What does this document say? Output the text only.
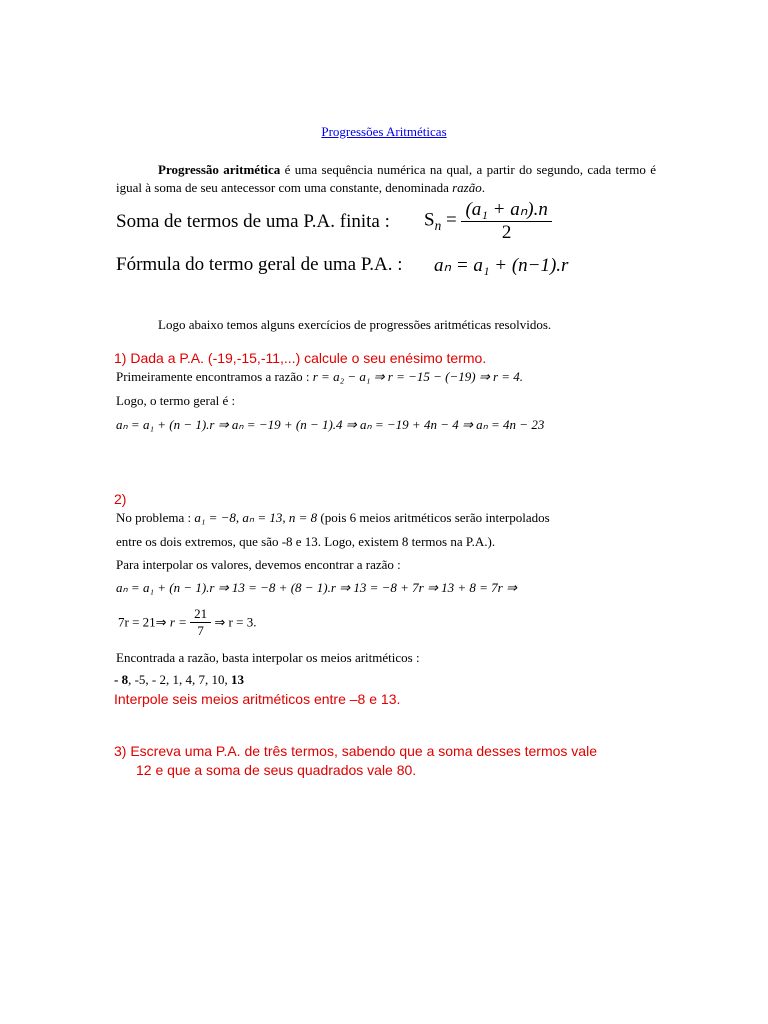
Progressões Aritméticas
Progressão aritmética é uma sequência numérica na qual, a partir do segundo, cada termo é igual à soma de seu antecessor com uma constante, denominada razão.
Soma de termos de uma P.A. finita : $S_n = \frac{\text{(a₁ + aₙ).n}}{2}$
Fórmula do termo geral de uma P.A. : aₙ = a₁ + (n−1).r
Logo abaixo temos alguns exercícios de progressões aritméticas resolvidos.
1) Dada a P.A. (-19,-15,-11,...) calcule o seu enésimo termo.
Primeiramente encontramos a razão : r = a₂ − a₁ ⇒ r = −15 − (−19) ⇒ r = 4.
Logo, o termo geral é :
aₙ = a₁ + (n − 1).r ⇒ aₙ = −19 + (n − 1).4 ⇒ aₙ = −19 + 4n − 4 ⇒ aₙ = 4n − 23
2)
No problema : a₁ = −8, aₙ = 13, n = 8 (pois 6 meios aritméticos serão interpolados
entre os dois extremos, que são -8 e 13. Logo, existem 8 termos na P.A.).
Para interpolar os valores, devemos encontrar a razão :
aₙ = a₁ + (n − 1).r ⇒ 13 = −8 + (8 − 1).r ⇒ 13 = −8 + 7r ⇒ 13 + 8 = 7r ⇒
7r = 21⇒ $r = \frac{21}{7}$ ⇒ r = 3.
Encontrada a razão, basta interpolar os meios aritméticos :
- 8, -5, - 2, 1, 4, 7, 10, 13
Interpole seis meios aritméticos entre –8 e 13.
3) Escreva uma P.A. de três termos, sabendo que a soma desses termos vale
12 e que a soma de seus quadrados vale 80.
